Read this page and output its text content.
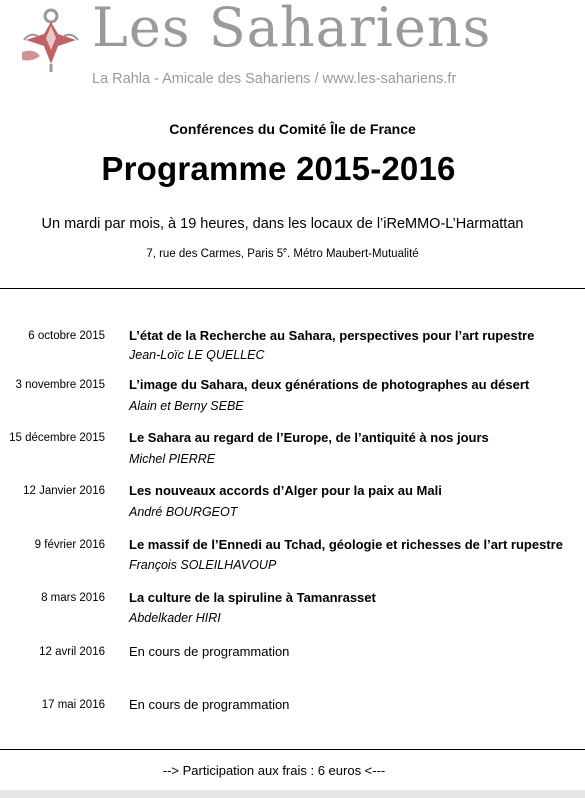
Les Sahariens
La Rahla - Amicale des Sahariens / www.les-sahariens.fr
Conférences du Comité Île de France
Programme 2015-2016
Un mardi par mois, à 19 heures, dans les locaux de l’iReMMO-L’Harmattan
7, rue des Carmes, Paris 5e. Métro Maubert-Mutualité
6 octobre 2015 L’état de la Recherche au Sahara, perspectives pour l’art rupestre
Jean-Loïc LE QUELLEC
3 novembre 2015 L’image du Sahara, deux générations de photographes au désert
Alain et Berny SEBE
15 décembre 2015 Le Sahara au regard de l’Europe, de l’antiquité à nos jours
Michel PIERRE
12 Janvier 2016 Les nouveaux accords d’Alger pour la paix au Mali
André BOURGEOT
9 février 2016 Le massif de l’Ennedi au Tchad, géologie et richesses de l’art rupestre
François SOLEILHAVOUP
8 mars 2016 La culture de la spiruline à Tamanrasset
Abdelkader HIRI
12 avril 2016 En cours de programmation
17 mai 2016 En cours de programmation
--> Participation aux frais : 6 euros <---
